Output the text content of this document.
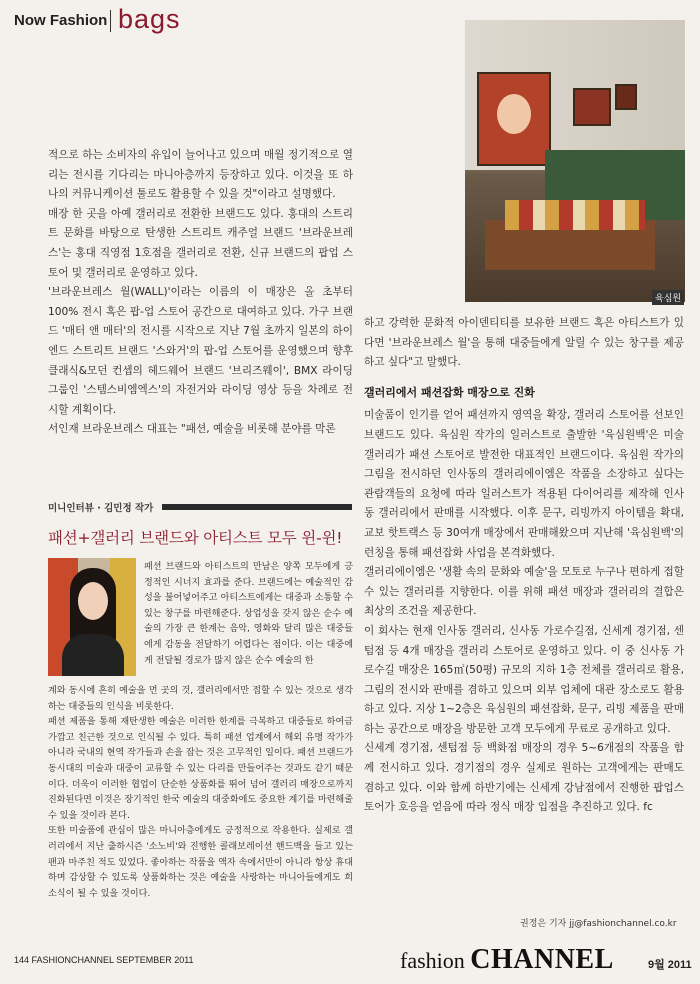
Now Fashion bags
육심원

적으로 하는 소비자의 유입이 늘어나고 있으며 매월 정기적으로 열리는 전시를 기다리는 마니아층까지 등장하고 있다. 이것을 또 하나의 커뮤니케이션 툴로도 활용할 수 있을 것"이라고 설명했다.

매장 한 곳을 아예 갤러리로 전환한 브랜드도 있다. 홍대의 스트리트 문화를 바탕으로 탄생한 스트리트 캐주얼 브랜드 '브라운브레스'는 홍대 직영점 1호점을 갤러리로 전환, 신규 브랜드의 팝업 스토어 및 갤러리로 운영하고 있다.

'브라운브레스 월(WALL)'이라는 이름의 이 매장은 올 초부터 100% 전시 혹은 팝-업 스토어 공간으로 대여하고 있다. 가구 브랜드 '매터 앤 매터'의 전시를 시작으로 지난 7월 초까지 일본의 하이엔드 스트리트 브랜드 '스와거'의 팝-업 스토어를 운영했으며 향후 클래식&모던 컨셉의 헤드웨어 브랜드 '브리즈웨이', BMX 라이딩 그룹인 '스템스비엠엑스'의 자전거와 라이딩 영상 등을 차례로 전시할 계획이다.

서인재 브라운브레스 대표는 "패션, 예술을 비롯해 분야를 막론

미니인터뷰 · 김민정 작가
패션+갤러리 브랜드와 아티스트 모두 윈-윈!

패션 브랜드와 아티스트의 만남은 양쪽 모두에게 긍정적인 시너지 효과를 준다. 브랜드에는 예술적인 감성을 불어넣어주고 아티스트에게는 대중과 소통할 수 있는 창구를 마련해준다. 상업성을 갖지 않은 순수 예술의 가장 큰 한계는 음악, 영화와 달리 많은 대중들에게 감동을 전달하기 어렵다는 점이다. 이는 대중에게 전달될 경로가 많지 않은 순수 예술의 한

계와 동시에 흔히 예술을 먼 곳의 것, 갤러리에서만 접할 수 있는 것으로 생각하는 대중들의 인식을 비롯한다.

패션 제품을 통해 재탄생한 예술은 이러한 한계를 극복하고 대중들로 하여금 가깝고 친근한 것으로 인식될 수 있다. 특히 패션 업계에서 해외 유명 작가가 아니라 국내의 현역 작가들과 손을 잡는 것은 고무적인 일이다. 패션 브랜드가 동시대의 미술과 대중이 교류할 수 있는 다리를 만들어주는 것과도 같기 때문이다. 더욱이 이러한 협업이 단순한 상품화를 뛰어 넘어 갤러리 매장으로까지 진화된다면 이것은 장기적인 한국 예술의 대중화에도 중요한 계기를 마련해줄 수 있을 것이라 본다.

또한 미술품에 관심이 많은 마니아층에게도 긍정적으로 작용한다. 실제로 갤러리에서 지난 출하시즌 '소노비'와 진행한 콜래보레이션 핸드백을 들고 있는 팬과 마주친 적도 있었다. 좋아하는 작품을 액자 속에서만이 아니라 항상 휴대하며 감상할 수 있도록 상품화하는 것은 예술을 사랑하는 마니아들에게도 희소식이 될 수 있을 것이다.

하고 강력한 문화적 아이덴티티를 보유한 브랜드 혹은 아티스트가 있다면 '브라운브레스 월'을 통해 대중들에게 알릴 수 있는 창구를 제공하고 싶다"고 말했다.

갤러리에서 패션잡화 매장으로 진화

미술품이 인기를 얻어 패션까지 영역을 확장, 갤러리 스토어를 선보인 브랜드도 있다. 육심원 작가의 일러스트로 출발한 '육심원백'은 미술 갤러리가 패션 스토어로 발전한 대표적인 브랜드이다. 육심원 작가의 그림을 전시하던 인사동의 갤러리에이엠은 작품을 소장하고 싶다는 관람객들의 요청에 따라 일러스트가 적용된 다이어리를 제작해 인사동 갤러리에서 판매를 시작했다. 이후 문구, 리빙까지 아이템을 확대, 교보 핫트랙스 등 30여개 매장에서 판매해왔으며 지난해 '육심원백'의 런칭을 통해 패션잡화 사업을 본격화했다.

갤러리에이엠은 '생활 속의 문화와 예술'을 모토로 누구나 편하게 접할 수 있는 갤러리를 지향한다. 이를 위해 패션 매장과 갤러리의 결합은 최상의 조건을 제공한다.

이 회사는 현재 인사동 갤러리, 신사동 가로수길점, 신세계 경기점, 센텀점 등 4개 매장을 갤러리 스토어로 운영하고 있다. 이 중 신사동 가로수길 매장은 165㎡(50평) 규모의 지하 1층 전체를 갤러리로 활용, 그림의 전시와 판매를 겸하고 있으며 외부 업체에 대관 장소로도 활용하고 있다. 지상 1~2층은 육심원의 패션잡화, 문구, 리빙 제품을 판매하는 공간으로 매장을 방문한 고객 모두에게 무료로 공개하고 있다.

신세계 경기점, 센텀점 등 백화점 매장의 경우 5~6개점의 작품을 함께 전시하고 있다. 경기점의 경우 실제로 원하는 고객에게는 판매도 겸하고 있다. 이와 함께 하반기에는 신세계 강남점에서 진행한 팝업스토어가 호응을 얻음에 따라 정식 매장 입점을 추진하고 있다. fc

권정은 기자 jj@fashionchannel.co.kr
144 FASHIONCHANNEL SEPTEMBER 2011	fashion CHANNEL	9월 2011
